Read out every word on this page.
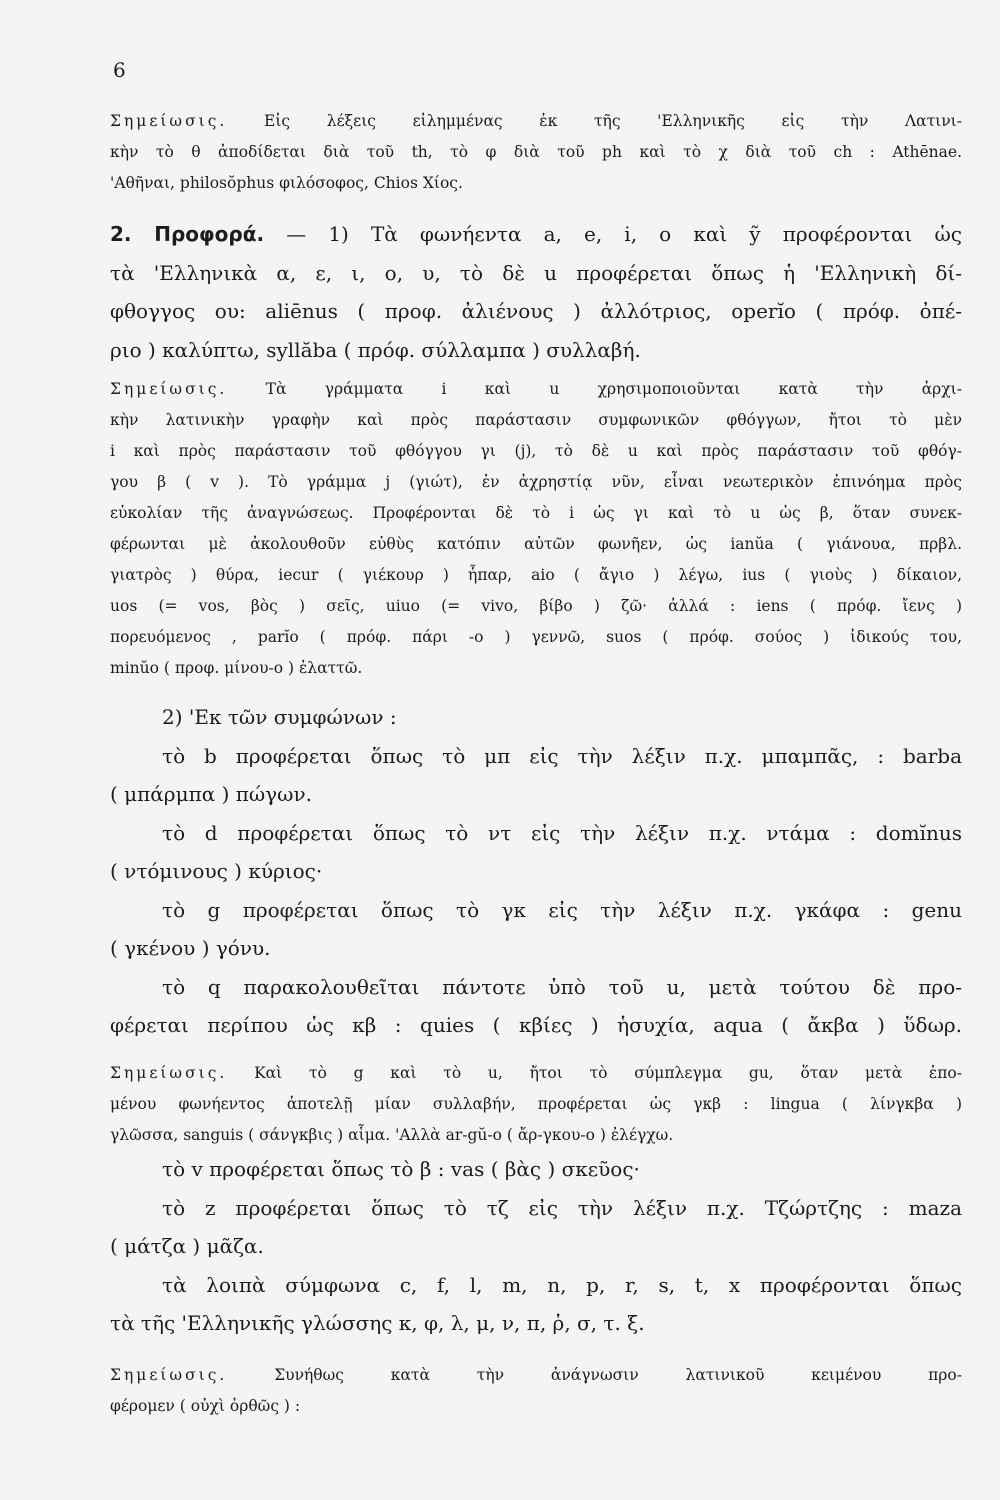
6
Σημείωσις. Εἰς λέξεις εἰλημμένας ἐκ τῆς 'Ελληνικῆς εἰς τὴν Λατινι-
κὴν τὸ θ ἀποδίδεται διὰ τοῦ th, τὸ φ διὰ τοῦ ph καὶ τὸ χ διὰ τοῦ ch : Athēnae.
'Αθῆναι, philosŏphus φιλόσοφος, Chios Χίος.
2. Προφορά. — 1) Τὰ φωνήεντα a, e, i, o καὶ ỹ προφέρονται ὡς
τὰ 'Ελληνικὰ α, ε, ι, ο, υ, τὸ δὲ u προφέρεται ὅπως ἡ 'Ελληνικὴ δί-
φθογγος ου: aliēnus ( προφ. ἀλιένους ) ἀλλότριος, operĭo ( πρόφ. ὀπέ-
ριο ) καλύπτω, syllăba ( πρόφ. σύλλαμπα ) συλλαβή.
Σημείωσις. Τὰ γράμματα i καὶ u χρησιμοποιοῦνται κατὰ τὴν ἀρχι-
κὴν λατινικὴν γραφὴν καὶ πρὸς παράστασιν συμφωνικῶν φθόγγων, ἤτοι τὸ μὲν
i καὶ πρὸς παράστασιν τοῦ φθόγγου γι (j), τὸ δὲ u καὶ πρὸς παράστασιν τοῦ φθόγ-
γου β ( v ). Τὸ γράμμα j (γιώτ), ἐν ἀχρηστίᾳ νῦν, εἶναι νεωτερικὸν ἐπινόημα πρὸς
εὐκολίαν τῆς ἀναγνώσεως. Προφέρονται δὲ τὸ i ὡς γι καὶ τὸ u ὡς β, ὅταν συνεκ-
φέρωνται μὲ ἀκολουθοῦν εὐθὺς κατόπιν αὐτῶν φωνῆεν, ὡς ianŭa ( γιάνουα, πρβλ.
γιατρὸς ) θύρα, iecur ( γιέκουρ ) ἧπαρ, aio ( ἄγιο ) λέγω, ius ( γιοὺς ) δίκαιον,
uos (= vos, βὸς ) σεῖς, uiuo (= vivo, βίβο ) ζῶ· ἀλλά : iens ( πρόφ. ἴενς )
πορευόμενος , parĭo ( πρόφ. πάρι -ο ) γεννῶ, suos ( πρόφ. σούος ) ἰδικούς του,
minŭo ( προφ. μίνου-ο ) ἐλαττῶ.
2) 'Εκ τῶν συμφώνων :
τὸ b προφέρεται ὅπως τὸ μπ εἰς τὴν λέξιν π.χ. μπαμπᾶς, : barba
( μπάρμπα ) πώγων.
τὸ d προφέρεται ὅπως τὸ ντ εἰς τὴν λέξιν π.χ. ντάμα : domĭnus
( ντόμινους ) κύριος·
τὸ g προφέρεται ὅπως τὸ γκ εἰς τὴν λέξιν π.χ. γκάφα : genu
( γκένου ) γόνυ.
τὸ q παρακολουθεῖται πάντοτε ὑπὸ τοῦ u, μετὰ τούτου δὲ προ-
φέρεται περίπου ὡς κβ : quies ( κβίες ) ἡσυχία, aqua ( ἄκβα ) ὕδωρ.
Σημείωσις. Καὶ τὸ g καὶ τὸ u, ἤτοι τὸ σύμπλεγμα gu, ὅταν μετὰ ἑπο-
μένου φωνήεντος ἀποτελῇ μίαν συλλαβήν, προφέρεται ὡς γκβ : lingua ( λίνγκβα )
γλῶσσα, sanguis ( σάνγκβις ) αἷμα. 'Αλλὰ ar-gŭ-o ( ἄρ-γκου-ο ) ἐλέγχω.
τὸ v προφέρεται ὅπως τὸ β : vas ( βὰς ) σκεῦος·
τὸ z προφέρεται ὅπως τὸ τζ εἰς τὴν λέξιν π.χ. Τζώρτζης : maza
( μάτζα ) μᾶζα.
τὰ λοιπὰ σύμφωνα c, f, l, m, n, p, r, s, t, x προφέρονται ὅπως
τὰ τῆς 'Ελληνικῆς γλώσσης κ, φ, λ, μ, ν, π, ῥ, σ, τ. ξ.
Σημείωσις.	Συνήθως κατὰ τὴν ἀνάγνωσιν λατινικοῦ κειμένου προ-
φέρομεν ( οὐχὶ ὀρθῶς ) :
